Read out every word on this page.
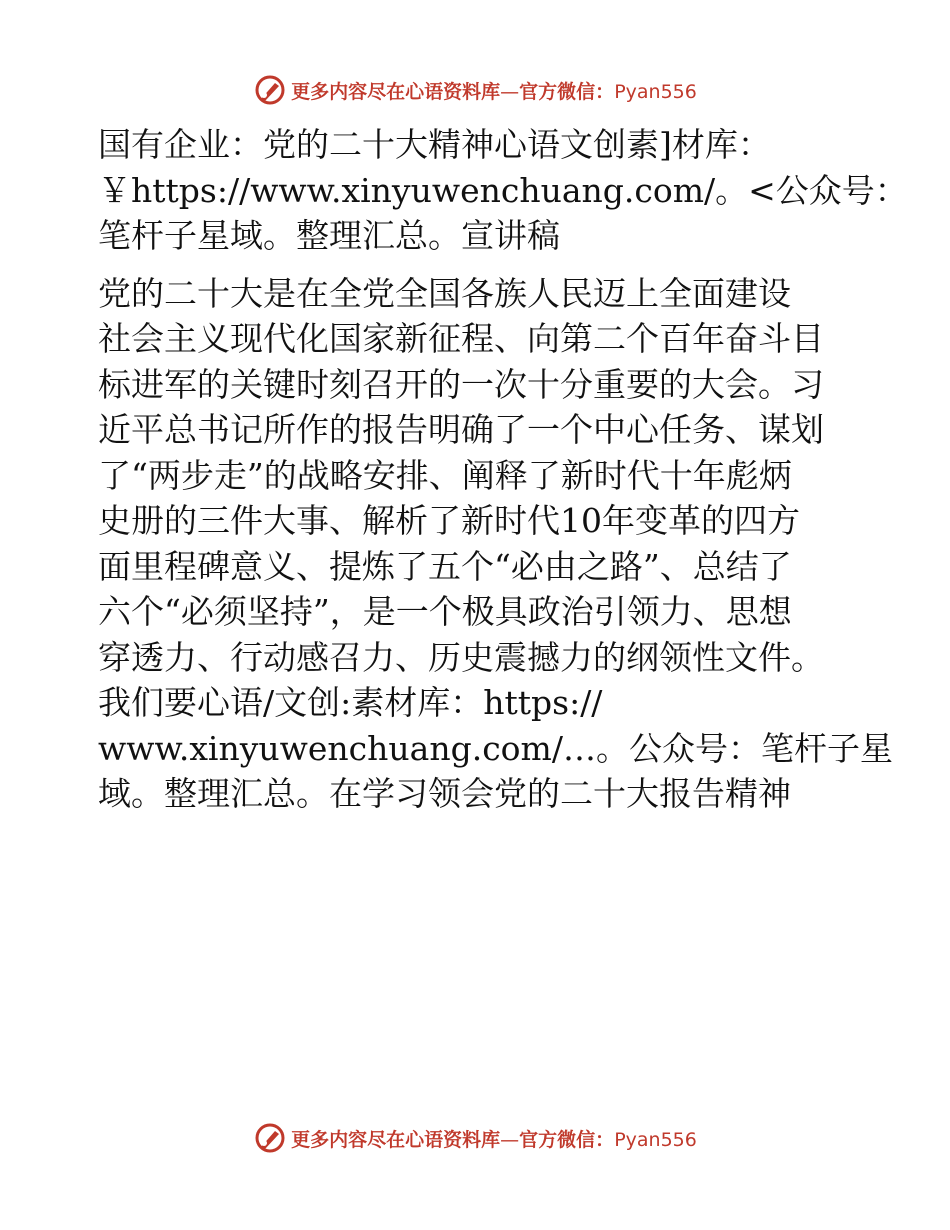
更多内容尽在心语资料库—官方微信：Pyan556
国有企业：党的二十大精神心语文创素]材库：
￥https://www.xinyuwenchuang.com/。<公众号：
笔杆子星域。整理汇总。宣讲稿
党的二十大是在全党全国各族人民迈上全面建设
社会主义现代化国家新征程、向第二个百年奋斗目
标进军的关键时刻召开的一次十分重要的大会。习
近平总书记所作的报告明确了一个中心任务、谋划
了“两步走”的战略安排、阐释了新时代十年彪炳
史册的三件大事、解析了新时代10年变革的四方
面里程碑意义、提炼了五个“必由之路”、总结了
六个“必须坚持”，是一个极具政治引领力、思想
穿透力、行动感召力、历史震撼力的纲领性文件。
我们要心语/文创:素材库：https://
www.xinyuwenchuang.com/…。公众号：笔杆子星
域。整理汇总。在学习领会党的二十大报告精神
更多内容尽在心语资料库—官方微信：Pyan556
